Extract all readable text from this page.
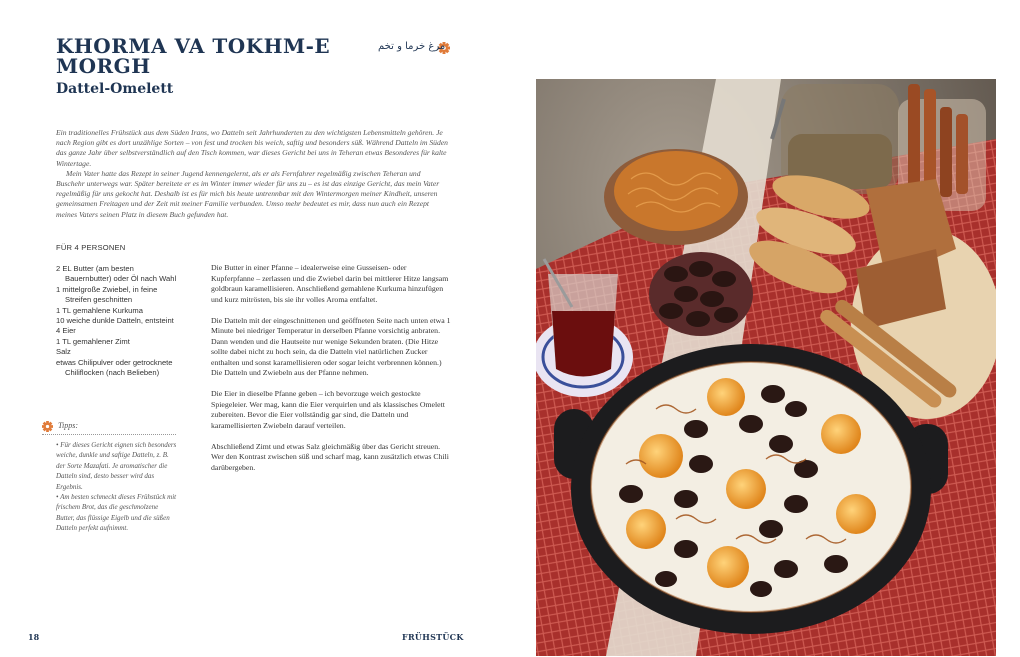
KHORMA VA TOKHM-E MORGH
مرغ خرما و تخم
Dattel-Omelett

Ein traditionelles Frühstück aus dem Süden Irans, wo Datteln seit Jahrhunderten zu den wichtigsten Lebensmitteln gehören. Je nach Region gibt es dort unzählige Sorten – von fest und trocken bis weich, saftig und besonders süß. Während Datteln im Süden das ganze Jahr über selbstverständlich auf den Tisch kommen, war dieses Gericht bei uns in Teheran etwas Besonderes für kalte Wintertage.

Mein Vater hatte das Rezept in seiner Jugend kennengelernt, als er als Fernfahrer regelmäßig zwischen Teheran und Buschehr unterwegs war. Später bereitete er es im Winter immer wieder für uns zu – es ist das einzige Gericht, das mein Vater regelmäßig für uns gekocht hat. Deshalb ist es für mich bis heute untrennbar mit den Wintermorgen meiner Kindheit, unseren gemeinsamen Freitagen und der Zeit mit meiner Familie verbunden. Umso mehr bedeutet es mir, dass nun auch ein Rezept meines Vaters seinen Platz in diesem Buch gefunden hat.

FÜR 4 PERSONEN
2 EL Butter (am besten Bauernbutter) oder Öl nach Wahl
1 mittelgroße Zwiebel, in feine Streifen geschnitten
1 TL gemahlene Kurkuma
10 weiche dunkle Datteln, entsteint
4 Eier
1 TL gemahlener Zimt
Salz
etwas Chilipulver oder getrocknete Chiliflocken (nach Belieben)
Tipps:

• Für dieses Gericht eignen sich besonders weiche, dunkle und saftige Datteln, z. B. der Sorte Mazafati. Je aromatischer die Datteln sind, desto besser wird das Ergebnis.

• Am besten schmeckt dieses Frühstück mit frischem Brot, das die geschmolzene Butter, das flüssige Eigelb und die süßen Datteln perfekt aufnimmt.

Die Butter in einer Pfanne – idealerweise eine Gusseisen- oder Kupferpfanne – zerlassen und die Zwiebel darin bei mittlerer Hitze langsam goldbraun karamellisieren. Anschließend gemahlene Kurkuma hinzufügen und kurz mitrösten, bis sie ihr volles Aroma entfaltet.

Die Datteln mit der eingeschnittenen und geöffneten Seite nach unten etwa 1 Minute bei niedriger Temperatur in derselben Pfanne vorsichtig anbraten. Dann wenden und die Hautseite nur wenige Sekunden braten. (Die Hitze sollte dabei nicht zu hoch sein, da die Datteln viel natürlichen Zucker enthalten und sonst karamellisieren oder sogar leicht verbrennen können.) Die Datteln und Zwiebeln aus der Pfanne nehmen.

Die Eier in dieselbe Pfanne geben – ich bevorzuge weich gestockte Spiegeleier. Wer mag, kann die Eier verquirlen und als klassisches Omelett zubereiten. Bevor die Eier vollständig gar sind, die Datteln und karamellisierten Zwiebeln darauf verteilen.

Abschließend Zimt und etwas Salz gleichmäßig über das Gericht streuen. Wer den Kontrast zwischen süß und scharf mag, kann zusätzlich etwas Chili darübergeben.

18	FRÜHSTÜCK
